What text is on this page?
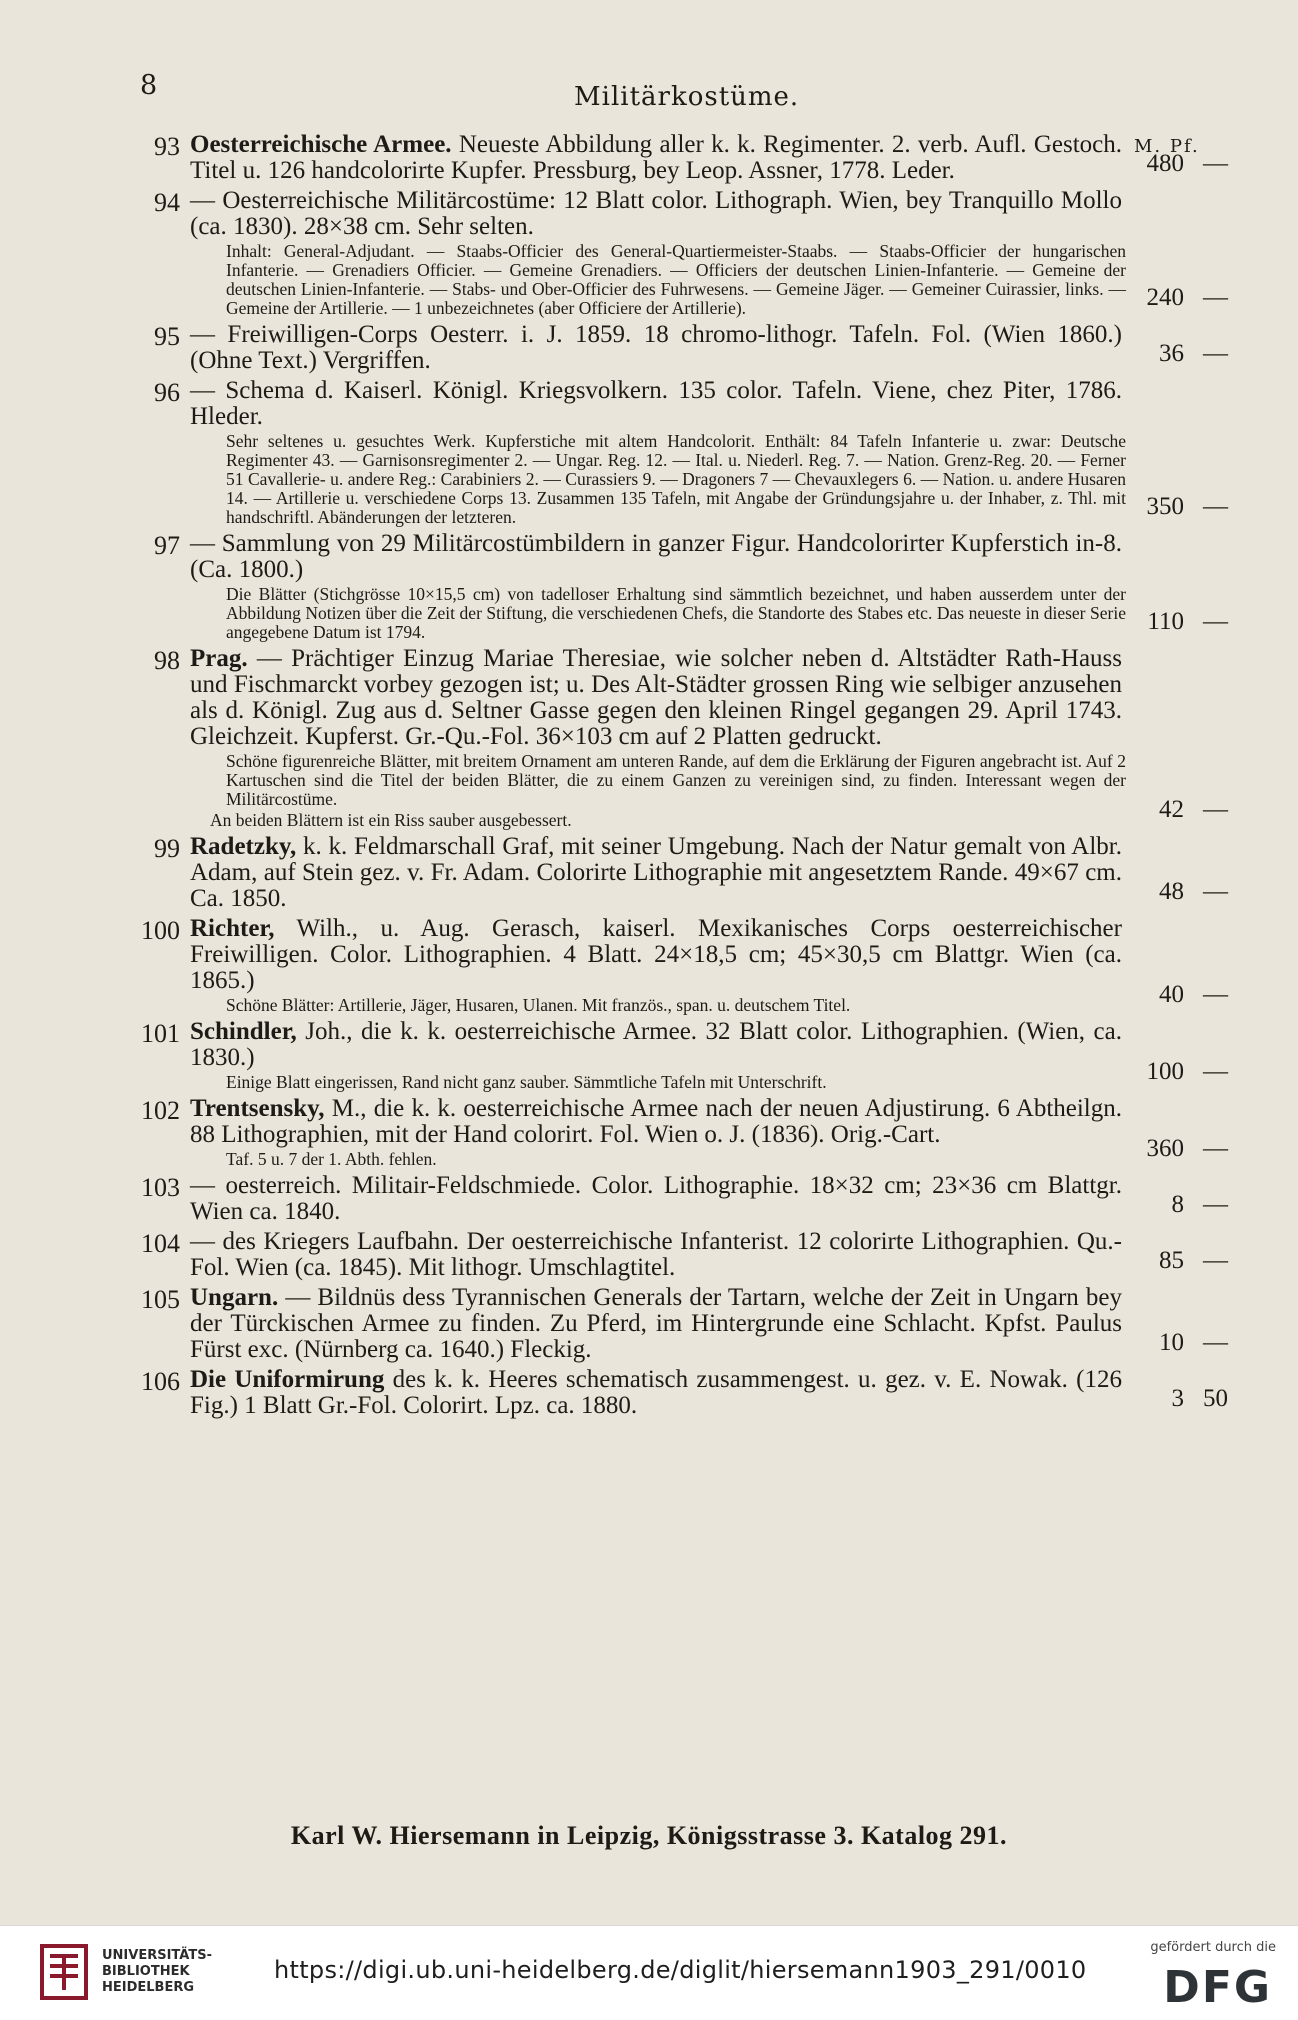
8	Militärkostüme.
M. Pf.
93 Oesterreichische Armee. Neueste Abbildung aller k. k. Regimenter. 2. verb. Aufl. Gestoch. Titel u. 126 handcolorirte Kupfer. Pressburg, bey Leop. Assner, 1778. Leder.	480 —
94 — Oesterreichische Militärcostüme: 12 Blatt color. Lithograph. Wien, bey Tranquillo Mollo (ca. 1830). 28×38 cm. Sehr selten.
Inhalt: General-Adjudant. — Staabs-Officier des General-Quartiermeister-Staabs. — Staabs-Officier der hungarischen Infanterie. — Grenadiers Officier. — Gemeine Grenadiers. — Officiers der deutschen Linien-Infanterie. — Gemeine der deutschen Linien-Infanterie. — Stabs- und Ober-Officier des Fuhrwesens. — Gemeine Jäger. — Gemeiner Cuirassier, links. — Gemeine der Artillerie. — 1 unbezeichnetes (aber Officiere der Artillerie).	240 —
95 — Freiwilligen-Corps Oesterr. i. J. 1859. 18 chromo-lithogr. Tafeln. Fol. (Wien 1860.) (Ohne Text.) Vergriffen.	36 —
96 — Schema d. Kaiserl. Königl. Kriegsvolkern. 135 color. Tafeln. Viene, chez Piter, 1786. Hleder.
Sehr seltenes u. gesuchtes Werk. Kupferstiche mit altem Handcolorit. Enthält: 84 Tafeln Infanterie u. zwar: Deutsche Regimenter 43. — Garnisonsregimenter 2. — Ungar. Reg. 12. — Ital. u. Niederl. Reg. 7. — Nation. Grenz-Reg. 20. — Ferner 51 Cavallerie- u. andere Reg.: Carabiniers 2. — Curassiers 9. — Dragoners 7 — Chevauxlegers 6. — Nation. u. andere Husaren 14. — Artillerie u. verschiedene Corps 13. Zusammen 135 Tafeln, mit Angabe der Gründungsjahre u. der Inhaber, z. Thl. mit handschriftl. Abänderungen der letzteren.	350 —
97 — Sammlung von 29 Militärcostümbildern in ganzer Figur. Handcolorirter Kupferstich in-8. (Ca. 1800.)
Die Blätter (Stichgrösse 10×15,5 cm) von tadelloser Erhaltung sind sämmtlich bezeichnet, und haben ausserdem unter der Abbildung Notizen über die Zeit der Stiftung, die verschiedenen Chefs, die Standorte des Stabes etc. Das neueste in dieser Serie angegebene Datum ist 1794.	110 —
98 Prag. — Prächtiger Einzug Mariae Theresiae, wie solcher neben d. Altstädter Rath-Hauss und Fischmarckt vorbey gezogen ist; u. Des Alt-Städter grossen Ring wie selbiger anzusehen als d. Königl. Zug aus d. Seltner Gasse gegen den kleinen Ringel gegangen 29. April 1743. Gleichzeit. Kupferst. Gr.-Qu.-Fol. 36×103 cm auf 2 Platten gedruckt.
Schöne figurenreiche Blätter, mit breitem Ornament am unteren Rande, auf dem die Erklärung der Figuren angebracht ist. Auf 2 Kartuschen sind die Titel der beiden Blätter, die zu einem Ganzen zu vereinigen sind, zu finden. Interessant wegen der Militärcostüme.
An beiden Blättern ist ein Riss sauber ausgebessert.	42 —
99 Radetzky, k. k. Feldmarschall Graf, mit seiner Umgebung. Nach der Natur gemalt von Albr. Adam, auf Stein gez. v. Fr. Adam. Colorirte Lithographie mit angesetztem Rande. 49×67 cm. Ca. 1850.	48 —
100 Richter, Wilh., u. Aug. Gerasch, kaiserl. Mexikanisches Corps oesterreichischer Freiwilligen. Color. Lithographien. 4 Blatt. 24×18,5 cm; 45×30,5 cm Blattgr. Wien (ca. 1865.)
Schöne Blätter: Artillerie, Jäger, Husaren, Ulanen. Mit französ., span. u. deutschem Titel.	40 —
101 Schindler, Joh., die k. k. oesterreichische Armee. 32 Blatt color. Lithographien. (Wien, ca. 1830.)
Einige Blatt eingerissen, Rand nicht ganz sauber. Sämmtliche Tafeln mit Unterschrift.	100 —
102 Trentsensky, M., die k. k. oesterreichische Armee nach der neuen Adjustirung. 6 Abtheilgn. 88 Lithographien, mit der Hand colorirt. Fol. Wien o. J. (1836). Orig.-Cart.
Taf. 5 u. 7 der 1. Abth. fehlen.	360 —
103 — oesterreich. Militair-Feldschmiede. Color. Lithographie. 18×32 cm; 23×36 cm Blattgr. Wien ca. 1840.	8 —
104 — des Kriegers Laufbahn. Der oesterreichische Infanterist. 12 colorirte Lithographien. Qu.-Fol. Wien (ca. 1845). Mit lithogr. Umschlagtitel.	85 —
105 Ungarn. — Bildnüs dess Tyrannischen Generals der Tartarn, welche der Zeit in Ungarn bey der Türckischen Armee zu finden. Zu Pferd, im Hintergrunde eine Schlacht. Kpfst. Paulus Fürst exc. (Nürnberg ca. 1640.) Fleckig.	10 —
106 Die Uniformirung des k. k. Heeres schematisch zusammengest. u. gez. v. E. Nowak. (126 Fig.) 1 Blatt Gr.-Fol. Colorirt. Lpz. ca. 1880.	3 50
Karl W. Hiersemann in Leipzig, Königsstrasse 3. Katalog 291.
UNIVERSITÄTS-
BIBLIOTHEK
HEIDELBERG
https://digi.ub.uni-heidelberg.de/diglit/hiersemann1903_291/0010
gefördert durch die
DFG
